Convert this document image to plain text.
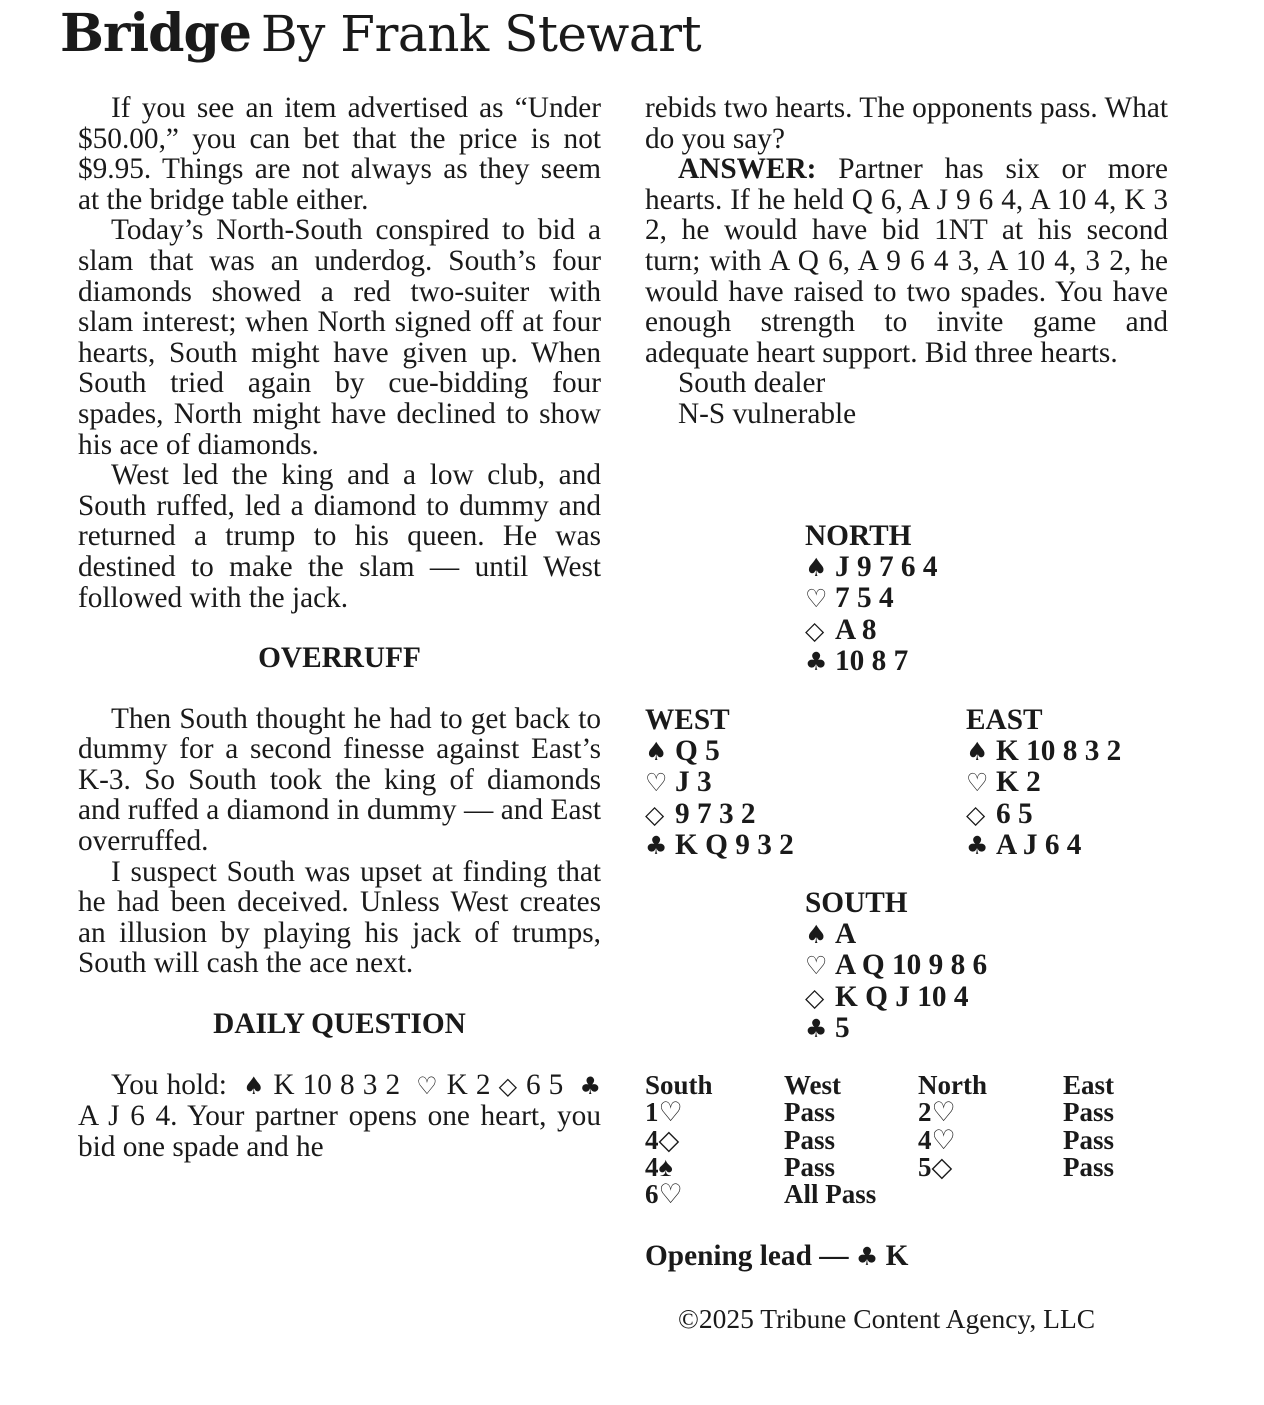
Bridge By Frank Stewart

If you see an item advertised as “Under $50.00,” you can bet that the price is not $9.95. Things are not always as they seem at the bridge table either.

Today’s North-South conspired to bid a slam that was an underdog. South’s four diamonds showed a red two-suiter with slam interest; when North signed off at four hearts, South might have given up. When South tried again by cue-bidding four spades, North might have declined to show his ace of diamonds.

West led the king and a low club, and South ruffed, led a diamond to dummy and returned a trump to his queen. He was destined to make the slam — until West followed with the jack.

OVERRUFF

Then South thought he had to get back to dummy for a second finesse against East’s K-3. So South took the king of diamonds and ruffed a diamond in dummy — and East overruffed.

I suspect South was upset at finding that he had been deceived. Unless West creates an illusion by playing his jack of trumps, South will cash the ace next.

DAILY QUESTION

You hold: ♠ K 10 8 3 2 ♡ K 2 ◇ 6 5 ♣ A J 6 4. Your partner opens one heart, you bid one spade and he

rebids two hearts. The opponents pass. What do you say?

ANSWER: Partner has six or more hearts. If he held Q 6, A J 9 6 4, A 10 4, K 3 2, he would have bid 1NT at his second turn; with A Q 6, A 9 6 4 3, A 10 4, 3 2, he would have raised to two spades. You have enough strength to invite game and adequate heart support. Bid three hearts.

South dealer

N-S vulnerable

NORTH
♠ J 9 7 6 4
♡ 7 5 4
◇ A 8
♣ 10 8 7
WEST
♠ Q 5
♡ J 3
◇ 9 7 3 2
♣ K Q 9 3 2
EAST
♠ K 10 8 3 2
♡ K 2
◇ 6 5
♣ A J 6 4
SOUTH
♠ A
♡ A Q 10 9 8 6
◇ K Q J 10 4
♣ 5
South	West	North	East
1♡	Pass	2♡	Pass
4◇	Pass	4♡	Pass
4♠	Pass	5◇	Pass
6♡	All Pass
Opening lead — ♣ K
©2025 Tribune Content Agency, LLC
